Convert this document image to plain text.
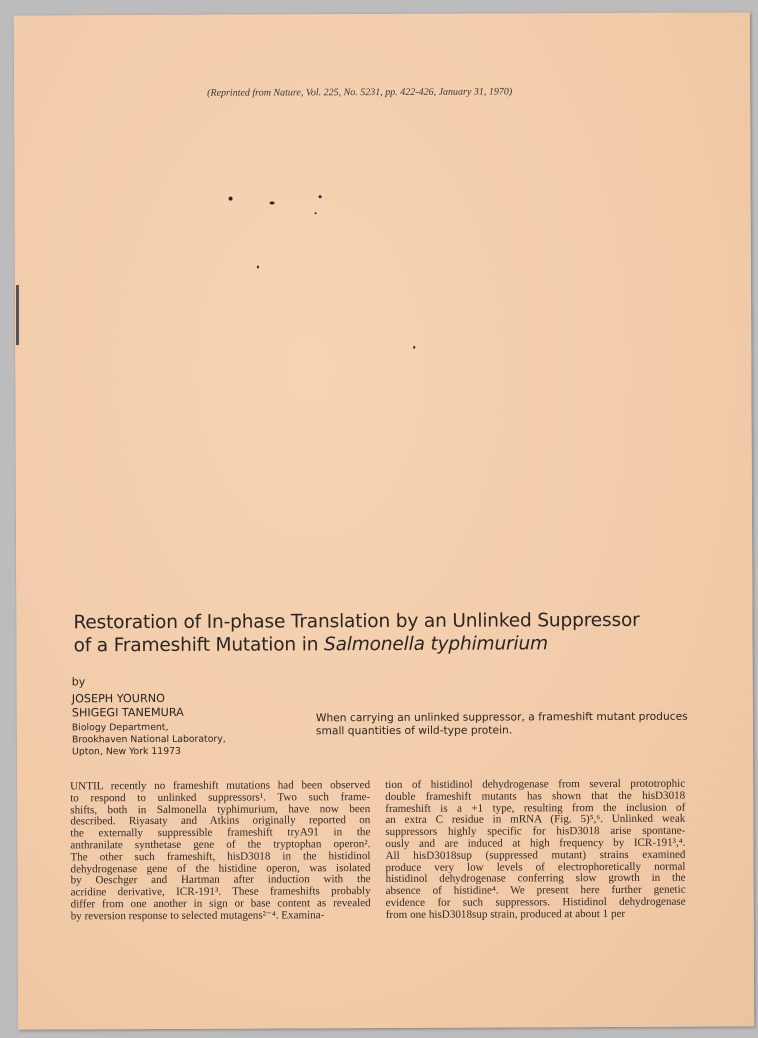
(Reprinted from Nature, Vol. 225, No. 5231, pp. 422-426, January 31, 1970)
Restoration of In-phase Translation by an Unlinked Suppressor
of a Frameshift Mutation in Salmonella typhimurium
by
JOSEPH YOURNO
SHIGEGI TANEMURA
Biology Department,
Brookhaven National Laboratory,
Upton, New York 11973
When carrying an unlinked suppressor, a frameshift mutant produces small quantities of wild-type protein.
UNTIL recently no frameshift mutations had been observed
to respond to unlinked suppressors¹. Two such frame-
shifts, both in Salmonella typhimurium, have now been
described. Riyasaty and Atkins originally reported on
the externally suppressible frameshift tryA91 in the
anthranilate synthetase gene of the tryptophan operon².
The other such frameshift, hisD3018 in the histidinol
dehydrogenase gene of the histidine operon, was isolated
by Oeschger and Hartman after induction with the
acridine derivative, ICR-191³. These frameshifts probably
differ from one another in sign or base content as revealed
by reversion response to selected mutagens²⁻⁴. Examina-
tion of histidinol dehydrogenase from several prototrophic
double frameshift mutants has shown that the hisD3018
frameshift is a +1 type, resulting from the inclusion of
an extra C residue in mRNA (Fig. 5)⁵,⁶. Unlinked weak
suppressors highly specific for hisD3018 arise spontane-
ously and are induced at high frequency by ICR-191³,⁴.
All hisD3018sup (suppressed mutant) strains examined
produce very low levels of electrophoretically normal
histidinol dehydrogenase conferring slow growth in the
absence of histidine⁴. We present here further genetic
evidence for such suppressors. Histidinol dehydrogenase
from one hisD3018sup strain, produced at about 1 per
